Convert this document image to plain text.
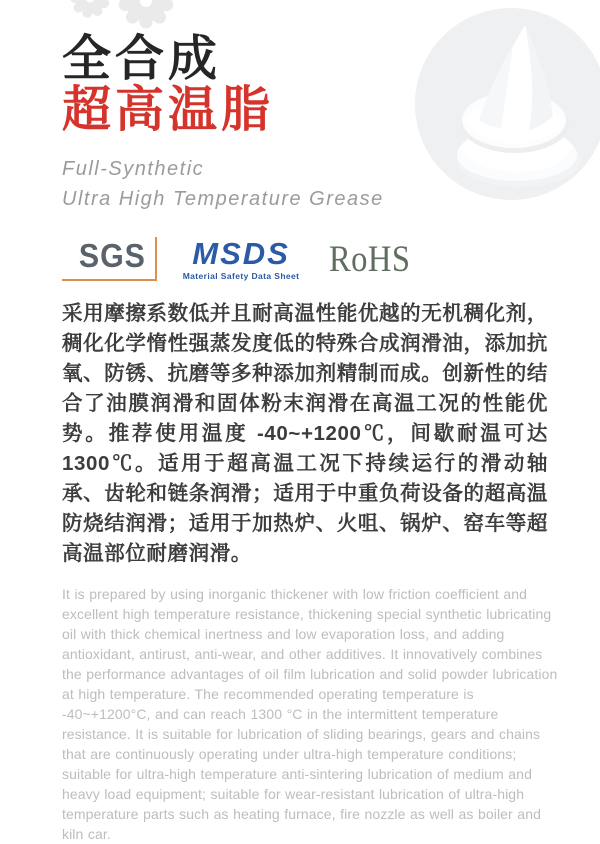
全合成
超高温脂
Full-Synthetic
Ultra High Temperature Grease
SGS	MSDS
Material Safety Data Sheet RoHS

采用摩擦系数低并且耐高温性能优越的无机稠化剂，稠化化学惰性强蒸发度低的特殊合成润滑油，添加抗氧、防锈、抗磨等多种添加剂精制而成。创新性的结合了油膜润滑和固体粉末润滑在高温工况的性能优势。推荐使用温度 -40~+1200℃，间歇耐温可达 1300℃。适用于超高温工况下持续运行的滑动轴承、齿轮和链条润滑；适用于中重负荷设备的超高温防烧结润滑；适用于加热炉、火咀、锅炉、窑车等超高温部位耐磨润滑。

It is prepared by using inorganic thickener with low friction coefficient and excellent high temperature resistance, thickening special synthetic lubricating oil with thick chemical inertness and low evaporation loss, and adding antioxidant, antirust, anti-wear, and other additives. It innovatively combines the performance advantages of oil film lubrication and solid powder lubrication at high temperature. The recommended operating temperature is -40~+1200°C, and can reach 1300 °C in the intermittent temperature resistance. It is suitable for lubrication of sliding bearings, gears and chains that are continuously operating under ultra-high temperature conditions; suitable for ultra-high temperature anti-sintering lubrication of medium and heavy load equipment; suitable for wear-resistant lubrication of ultra-high temperature parts such as heating furnace, fire nozzle as well as boiler and kiln car.
